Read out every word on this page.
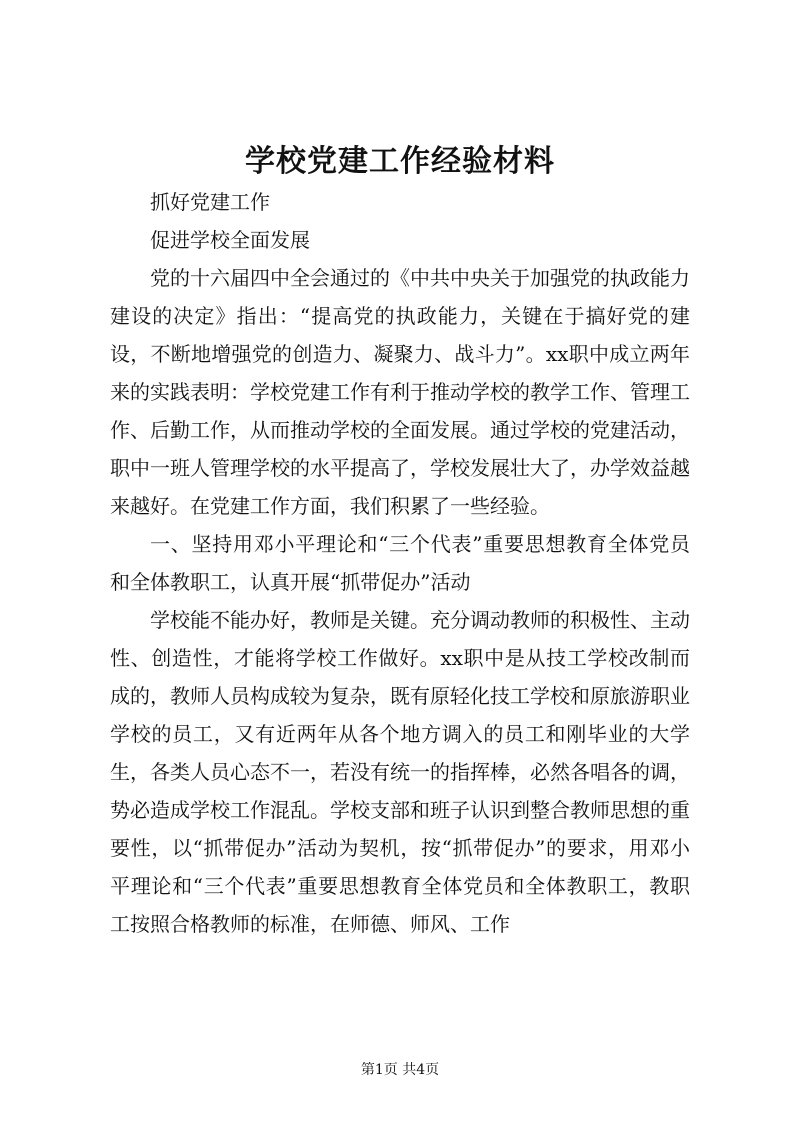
学校党建工作经验材料

抓好党建工作

促进学校全面发展

党的十六届四中全会通过的《中共中央关于加强党的执政能力建设的决定》指出：“提高党的执政能力，关键在于搞好党的建设，不断地增强党的创造力、凝聚力、战斗力”。xx职中成立两年来的实践表明：学校党建工作有利于推动学校的教学工作、管理工作、后勤工作，从而推动学校的全面发展。通过学校的党建活动，职中一班人管理学校的水平提高了，学校发展壮大了，办学效益越来越好。在党建工作方面，我们积累了一些经验。

一、坚持用邓小平理论和“三个代表”重要思想教育全体党员和全体教职工，认真开展“抓带促办”活动

学校能不能办好，教师是关键。充分调动教师的积极性、主动性、创造性，才能将学校工作做好。xx职中是从技工学校改制而成的，教师人员构成较为复杂，既有原轻化技工学校和原旅游职业学校的员工，又有近两年从各个地方调入的员工和刚毕业的大学生，各类人员心态不一，若没有统一的指挥棒，必然各唱各的调，势必造成学校工作混乱。学校支部和班子认识到整合教师思想的重要性，以“抓带促办”活动为契机，按“抓带促办”的要求，用邓小平理论和“三个代表”重要思想教育全体党员和全体教职工，教职工按照合格教师的标准，在师德、师风、工作

第1页 共4页
